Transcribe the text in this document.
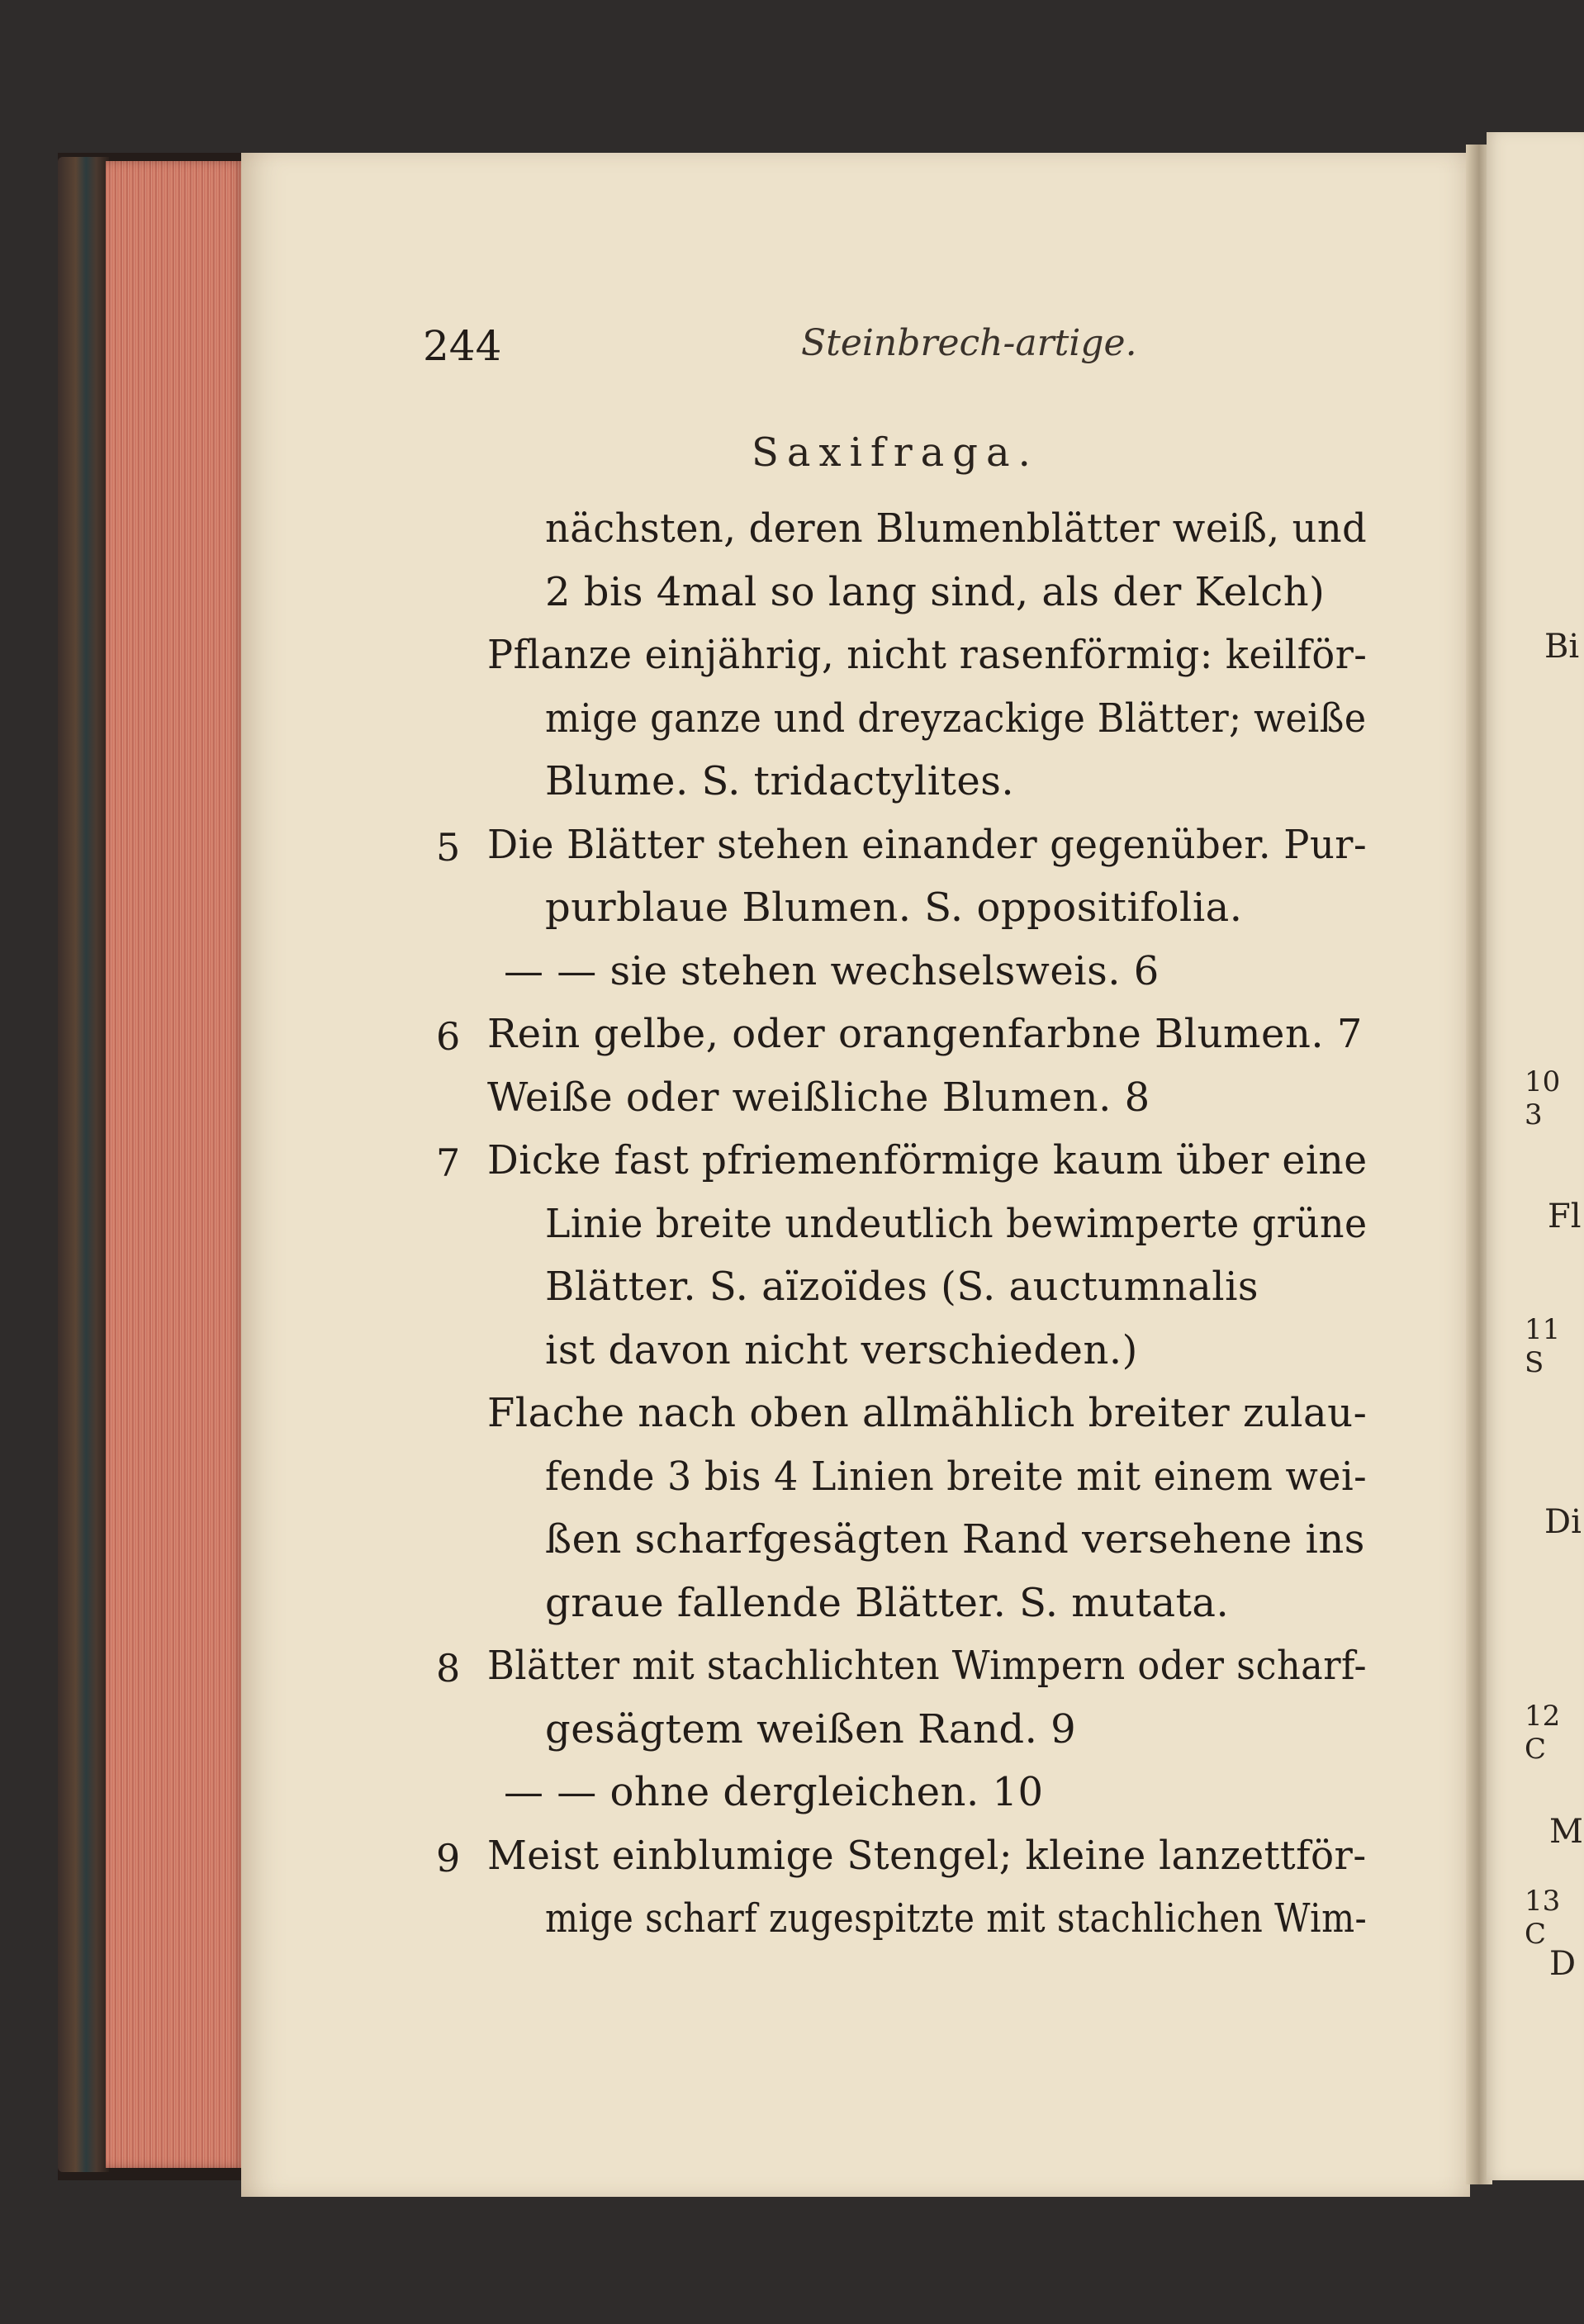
Bi
10 3
Fl
11 S
Di
12 C
M
13 C
D
244	Steinbrech-artige.
Saxifraga.
nächsten, deren Blumenblätter weiß, und
2 bis 4mal so lang sind, als der Kelch)
Pflanze einjährig, nicht rasenförmig: keilför-
mige ganze und dreyzackige Blätter; weiße
Blume. S. tridactylites.
5 Die Blätter stehen einander gegenüber. Pur-
purblaue Blumen. S. oppositifolia.
— — sie stehen wechselsweis. 6
6 Rein gelbe, oder orangenfarbne Blumen. 7
Weiße oder weißliche Blumen. 8
7 Dicke fast pfriemenförmige kaum über eine
Linie breite undeutlich bewimperte grüne
Blätter. S. aïzoïdes (S. auctumnalis
ist davon nicht verschieden.)
Flache nach oben allmählich breiter zulau-
fende 3 bis 4 Linien breite mit einem wei-
ßen scharfgesägten Rand versehene ins
graue fallende Blätter. S. mutata.
8 Blätter mit stachlichten Wimpern oder scharf-
gesägtem weißen Rand. 9
— — ohne dergleichen. 10
9 Meist einblumige Stengel; kleine lanzettför-
mige scharf zugespitzte mit stachlichen Wim-
